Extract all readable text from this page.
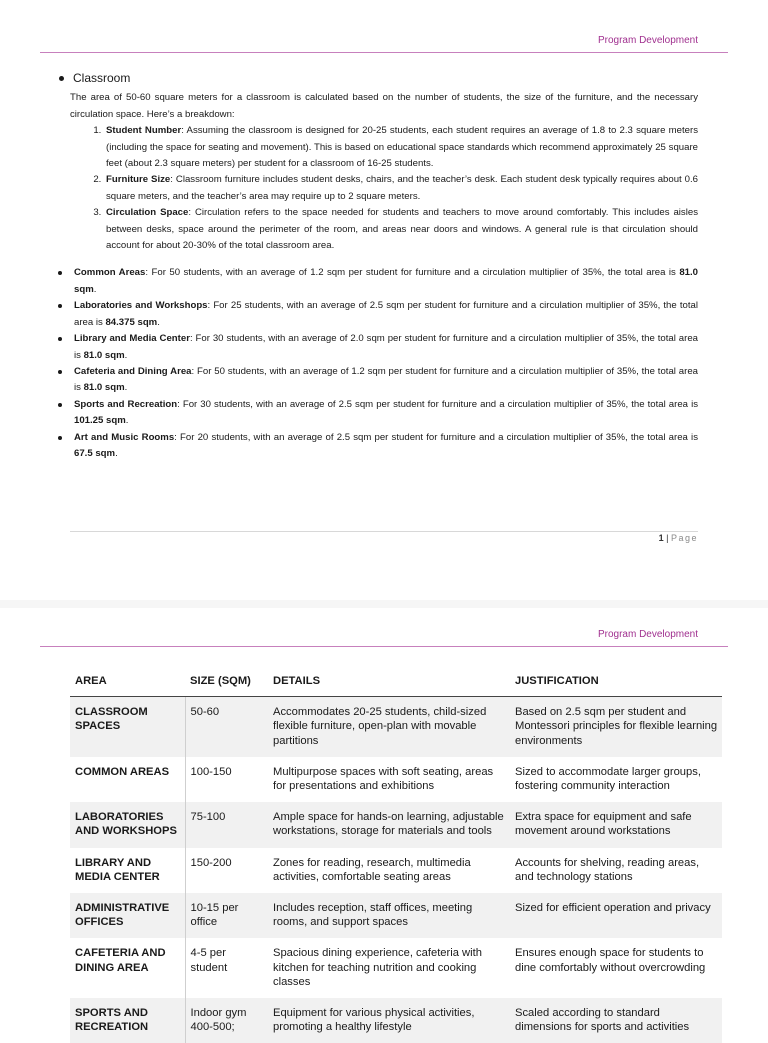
Program Development
Classroom
The area of 50-60 square meters for a classroom is calculated based on the number of students, the size of the furniture, and the necessary circulation space. Here’s a breakdown:
1. Student Number: Assuming the classroom is designed for 20-25 students, each student requires an average of 1.8 to 2.3 square meters (including the space for seating and movement). This is based on educational space standards which recommend approximately 25 square feet (about 2.3 square meters) per student for a classroom of 16-25 students.
2. Furniture Size: Classroom furniture includes student desks, chairs, and the teacher’s desk. Each student desk typically requires about 0.6 square meters, and the teacher’s area may require up to 2 square meters.
3. Circulation Space: Circulation refers to the space needed for students and teachers to move around comfortably. This includes aisles between desks, space around the perimeter of the room, and areas near doors and windows. A general rule is that circulation should account for about 20-30% of the total classroom area.
Common Areas: For 50 students, with an average of 1.2 sqm per student for furniture and a circulation multiplier of 35%, the total area is 81.0 sqm.
Laboratories and Workshops: For 25 students, with an average of 2.5 sqm per student for furniture and a circulation multiplier of 35%, the total area is 84.375 sqm.
Library and Media Center: For 30 students, with an average of 2.0 sqm per student for furniture and a circulation multiplier of 35%, the total area is 81.0 sqm.
Cafeteria and Dining Area: For 50 students, with an average of 1.2 sqm per student for furniture and a circulation multiplier of 35%, the total area is 81.0 sqm.
Sports and Recreation: For 30 students, with an average of 2.5 sqm per student for furniture and a circulation multiplier of 35%, the total area is 101.25 sqm.
Art and Music Rooms: For 20 students, with an average of 2.5 sqm per student for furniture and a circulation multiplier of 35%, the total area is 67.5 sqm.
1 | Page
Program Development
AREA	SIZE (SQM)	DETAILS	JUSTIFICATION
CLASSROOM SPACES	50-60	Accommodates 20-25 students, child-sized flexible furniture, open-plan with movable partitions	Based on 2.5 sqm per student and Montessori principles for flexible learning environments
COMMON AREAS	100-150	Multipurpose spaces with soft seating, areas for presentations and exhibitions	Sized to accommodate larger groups, fostering community interaction
LABORATORIES AND WORKSHOPS	75-100	Ample space for hands-on learning, adjustable workstations, storage for materials and tools	Extra space for equipment and safe movement around workstations
LIBRARY AND MEDIA CENTER	150-200	Zones for reading, research, multimedia activities, comfortable seating areas	Accounts for shelving, reading areas, and technology stations
ADMINISTRATIVE OFFICES	10-15 per office	Includes reception, staff offices, meeting rooms, and support spaces	Sized for efficient operation and privacy
CAFETERIA AND DINING AREA	4-5 per student	Spacious dining experience, cafeteria with kitchen for teaching nutrition and cooking classes	Ensures enough space for students to dine comfortably without overcrowding
SPORTS AND RECREATION	Indoor gym 400-500;	Equipment for various physical activities, promoting a healthy lifestyle	Scaled according to standard dimensions for sports and activities
